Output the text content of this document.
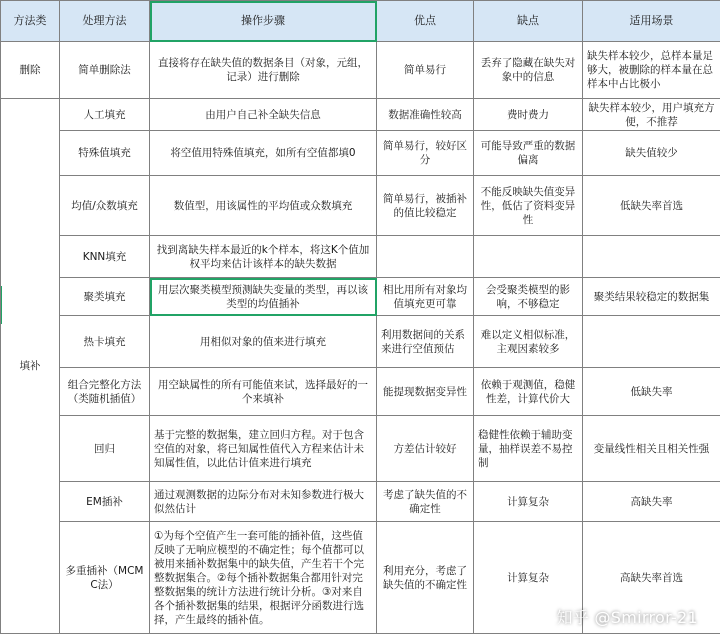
方法类	处理方法	操作步骤	优点	缺点	适用场景
删除	简单删除法	直接将存在缺失值的数据条目（对象，元组，记录）进行删除	简单易行	丢弃了隐藏在缺失对象中的信息	缺失样本较少，总样本量足够大，被删除的样本量在总样本中占比极小
填补	人工填充	由用户自己补全缺失信息	数据准确性较高	费时费力	缺失样本较少，用户填充方便，不推荐
	特殊值填充	将空值用特殊值填充，如所有空值都填0	简单易行，较好区分	可能导致严重的数据偏离	缺失值较少
	均值/众数填充	数值型，用该属性的平均值或众数填充	简单易行，被插补的值比较稳定	不能反映缺失值变异性，低估了资料变异性	低缺失率首选
	KNN填充	找到离缺失样本最近的k个样本，将这K个值加权平均来估计该样本的缺失数据			
	聚类填充	用层次聚类模型预测缺失变量的类型，再以该类型的均值插补	相比用所有对象均值填充更可靠	会受聚类模型的影响，不够稳定	聚类结果较稳定的数据集
	热卡填充	用相似对象的值来进行填充	利用数据间的关系来进行空值预估	难以定义相似标准，主观因素较多	
	组合完整化方法（类随机插值）	用空缺属性的所有可能值来试，选择最好的一个来填补	能提现数据变异性	依赖于观测值，稳健性差，计算代价大	低缺失率
	回归	基于完整的数据集，建立回归方程。对于包含空值的对象，将已知属性值代入方程来估计未知属性值，以此估计值来进行填充	方差估计较好	稳健性依赖于辅助变量，抽样误差不易控制	变量线性相关且相关性强
	EM插补	通过观测数据的边际分布对未知参数进行极大似然估计	考虑了缺失值的不确定性	计算复杂	高缺失率
	多重插补（MCMC法）	①为每个空值产生一套可能的插补值，这些值反映了无响应模型的不确定性；每个值都可以被用来插补数据集中的缺失值，产生若干个完整数据集合。②每个插补数据集合都用针对完整数据集的统计方法进行统计分析。③对来自各个插补数据集的结果，根据评分函数进行选择，产生最终的插补值。	利用充分，考虑了缺失值的不确定性	计算复杂	高缺失率首选
知乎 @Smirror-21
